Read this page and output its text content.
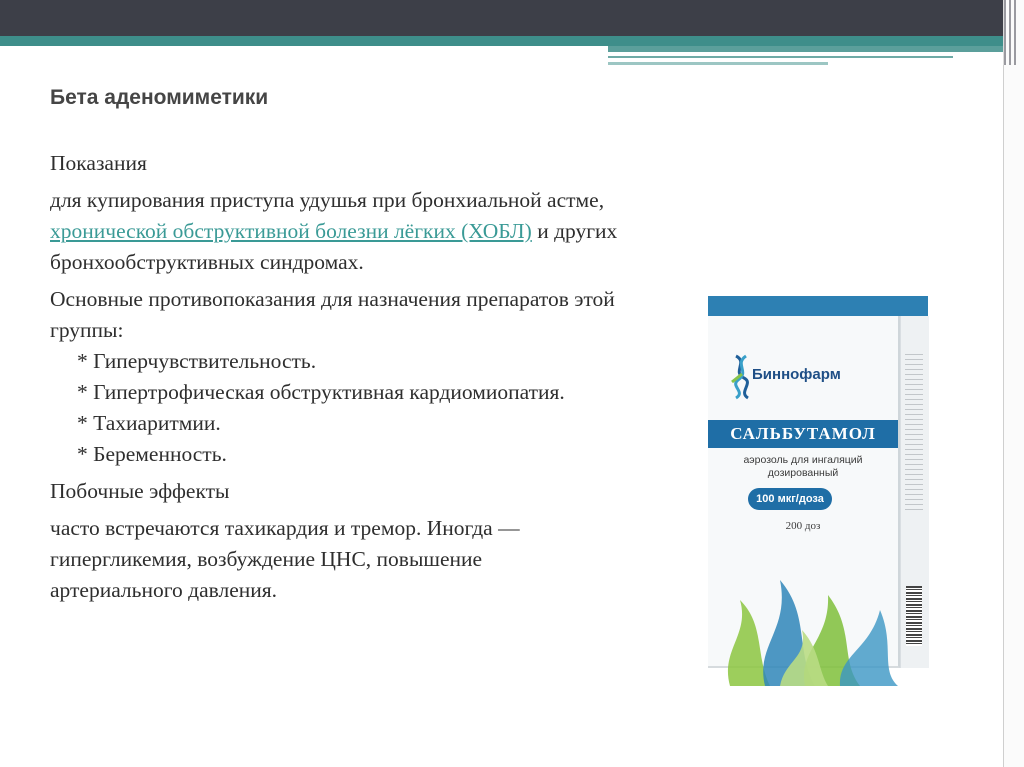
Бета аденомиметики

Показания

для купирования приступа удушья при бронхиальной астме, хронической обструктивной болезни лёгких (ХОБЛ) и других бронхообструктивных синдромах.

Основные противопоказания для назначения препаратов этой группы:
* Гиперчувствительность.
* Гипертрофическая обструктивная кардиомиопатия.
* Тахиаритмии.
* Беременность.

Побочные эффекты

часто встречаются тахикардия и тремор. Иногда — гипергликемия, возбуждение ЦНС, повышение артериального давления.

Биннофарм
САЛЬБУТАМОЛ
аэрозоль для ингаляций
дозированный
100 мкг/доза
200 доз
